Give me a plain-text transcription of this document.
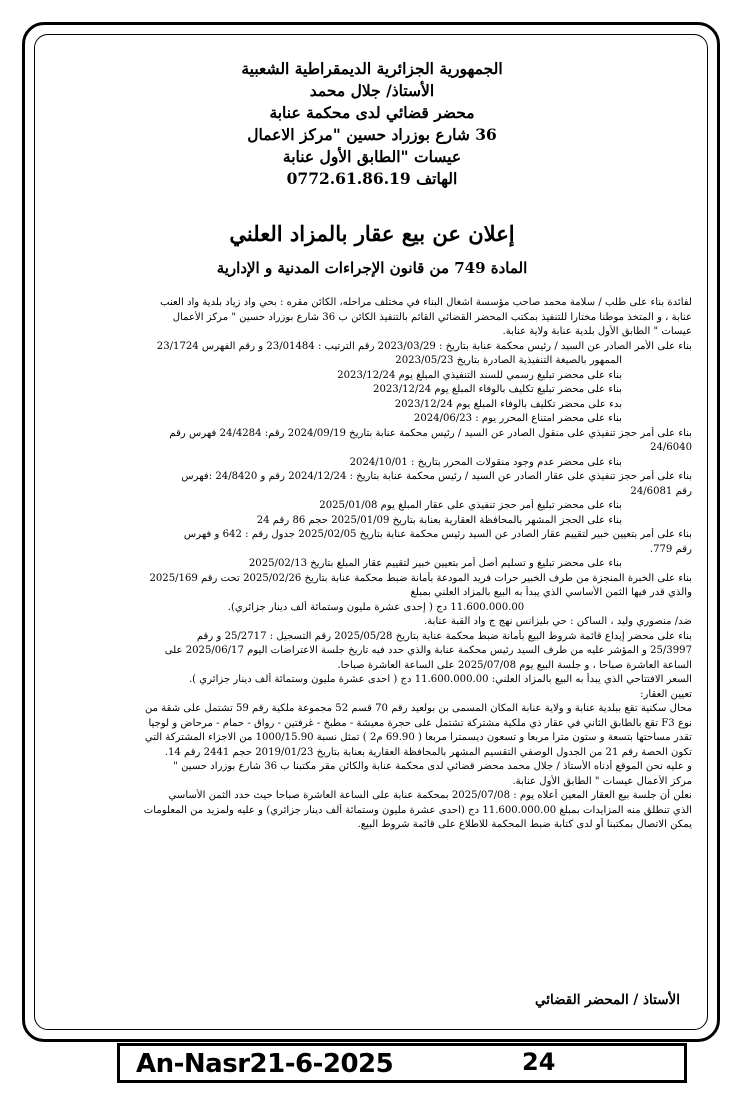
الجمهورية الجزائرية الديمقراطية الشعبية
الأستاذ/ جلال محمد
محضر قضائي لدى محكمة عنابة
36 شارع بوزراد حسين "مركز الاعمال
عيسات "الطابق الأول عنابة
الهاتف 0772.61.86.19
إعلان عن بيع عقار بالمزاد العلني
المادة 749 من قانون الإجراءات المدنية و الإدارية
لفائدة بناء على طلب / سلامة محمد صاحب مؤسسة اشغال البناء في مختلف مراحله، الكائن مقره : بحي واد زياد بلدية واد العنب
عنابة ، و المتخذ موطنا مختارا للتنفيذ بمكتب المحضر القضائي القائم بالتنفيذ الكائن ب 36 شارع بوزراد حسين " مركز الأعمال
عيسات " الطابق الأول بلدية عنابة ولاية عنابة.
بناء على الأمر الصادر عن السيد / رئيس محكمة عنابة بتاريخ : 2023/03/29 رقم الترتيب : 23/01484 و رقم الفهرس 23/1724
الممهور بالصيغة التنفيذية الصادرة بتاريخ 2023/05/23
بناء على محضر تبليغ رسمي للسند التنفيذي المبلغ يوم 2023/12/24
بناء على محضر تبليغ تكليف بالوفاء المبلغ يوم 2023/12/24
بدء على محضر تكليف بالوفاء المبلغ يوم 2023/12/24
بناء على محضر امتناع المحرر يوم : 2024/06/23
بناء على أمر حجز تنفيذي على منقول الصادر عن السيد / رئيس محكمة عنابة بتاريخ 2024/09/19 رقم: 24/4284 فهرس رقم
24/6040
بناء على محضر عدم وجود منقولات المحرر بتاريخ : 2024/10/01
بناء على أمر حجز تنفيذي على عقار الصادر عن السيد / رئيس محكمة عنابة بتاريخ : 2024/12/24 رقم و 24/8420 :فهرس
رقم 24/6081
بناء على محضر تبليغ أمر حجز تنفيذي على عقار المبلغ يوم 2025/01/08
بناء على الحجز المشهر بالمحافظة العقارية بعنابة بتاريخ 2025/01/09 حجم 86 رقم 24
بناء على أمر بتعيين خبير لتقييم عقار الصادر عن السيد رئيس محكمة عنابة بتاريخ 2025/02/05 جدول رقم : 642 و فهرس
رقم 779.
بناء على محضر تبليغ و تسليم أصل أمر بتعيين خبير لتقييم عقار المبلغ بتاريخ 2025/02/13
بناء على الخبرة المنجزة من طرف الخبير حرات فريد المودعة بأمانة ضبط محكمة عنابة بتاريخ 2025/02/26 تحت رقم 2025/169
والذي قدر فيها الثمن الأساسي الذي يبدأ به البيع بالمزاد العلني بمبلغ
11.600.000.00 دج ( إحدى عشرة مليون وستمائة ألف دينار جزائري).
ضد/ منصوري وليد ، الساكن : حي بليزانس نهج ج واد القبة عنابة.
بناء على محضر إيداع قائمة شروط البيع بأمانة ضبط محكمة عنابة بتاريخ 2025/05/28 رقم التسجيل : 25/2717 و رقم
25/3997 و المؤشر عليه من طرف السيد رئيس محكمة عنابة والذي حدد فيه تاريخ جلسة الاعتراضات اليوم 2025/06/17 على
الساعة العاشرة صباحا ، و جلسة البيع يوم 2025/07/08 على الساعة العاشرة صباحا.
السعر الافتتاحي الذي يبدأ به البيع بالمزاد العلني: 11.600.000.00 دج ( احدى عشرة مليون وستمائة ألف دينار جزائري ).
تعيين العقار:
محال سكنية تقع ببلدية عنابة و ولاية عنابة المكان المسمى بن بولعيد رقم 70 قسم 52 مجموعة ملكية رقم 59 تشتمل على شقة من
نوع F3 تقع بالطابق الثاني في عقار ذي ملكية مشتركة تشتمل على حجرة معيشة - مطبخ - غرفتين - رواق - حمام - مرحاض و لوجيا
تقدر مساحتها بتسعة و ستون مترا مربعا و تسعون ديسمترا مربعا ( 69.90 م2 ) تمثل نسبة 1000/15.90 من الاجزاء المشتركة التي
تكون الحصة رقم 21 من الجدول الوصفي التقسيم المشهر بالمحافظة العقارية بعنابة بتاريخ 2019/01/23 حجم 2441 رقم 14.
و عليه نحن الموقع أدناه الأستاذ / جلال محمد محضر قضائي لدى محكمة عنابة والكائن مقر مكتبنا ب 36 شارع بوزراد حسين "
مركز الأعمال عيسات " الطابق الأول عنابة.
نعلن أن جلسة بيع العقار المعين أعلاه يوم : 2025/07/08 بمحكمة عنابة على الساعة العاشرة صباحا حيث حدد الثمن الأساسي
الذي تنطلق منه المزايدات بمبلغ 11.600.000.00 دج (احدى عشرة مليون وستمائة ألف دينار جزائري) و عليه ولمزيد من المعلومات
يمكن الاتصال بمكتبنا أو لدى كتابة ضبط المحكمة للاطلاع على قائمة شروط البيع.
الأستاذ / المحضر القضائي
An-Nasr21-6-2025	24
